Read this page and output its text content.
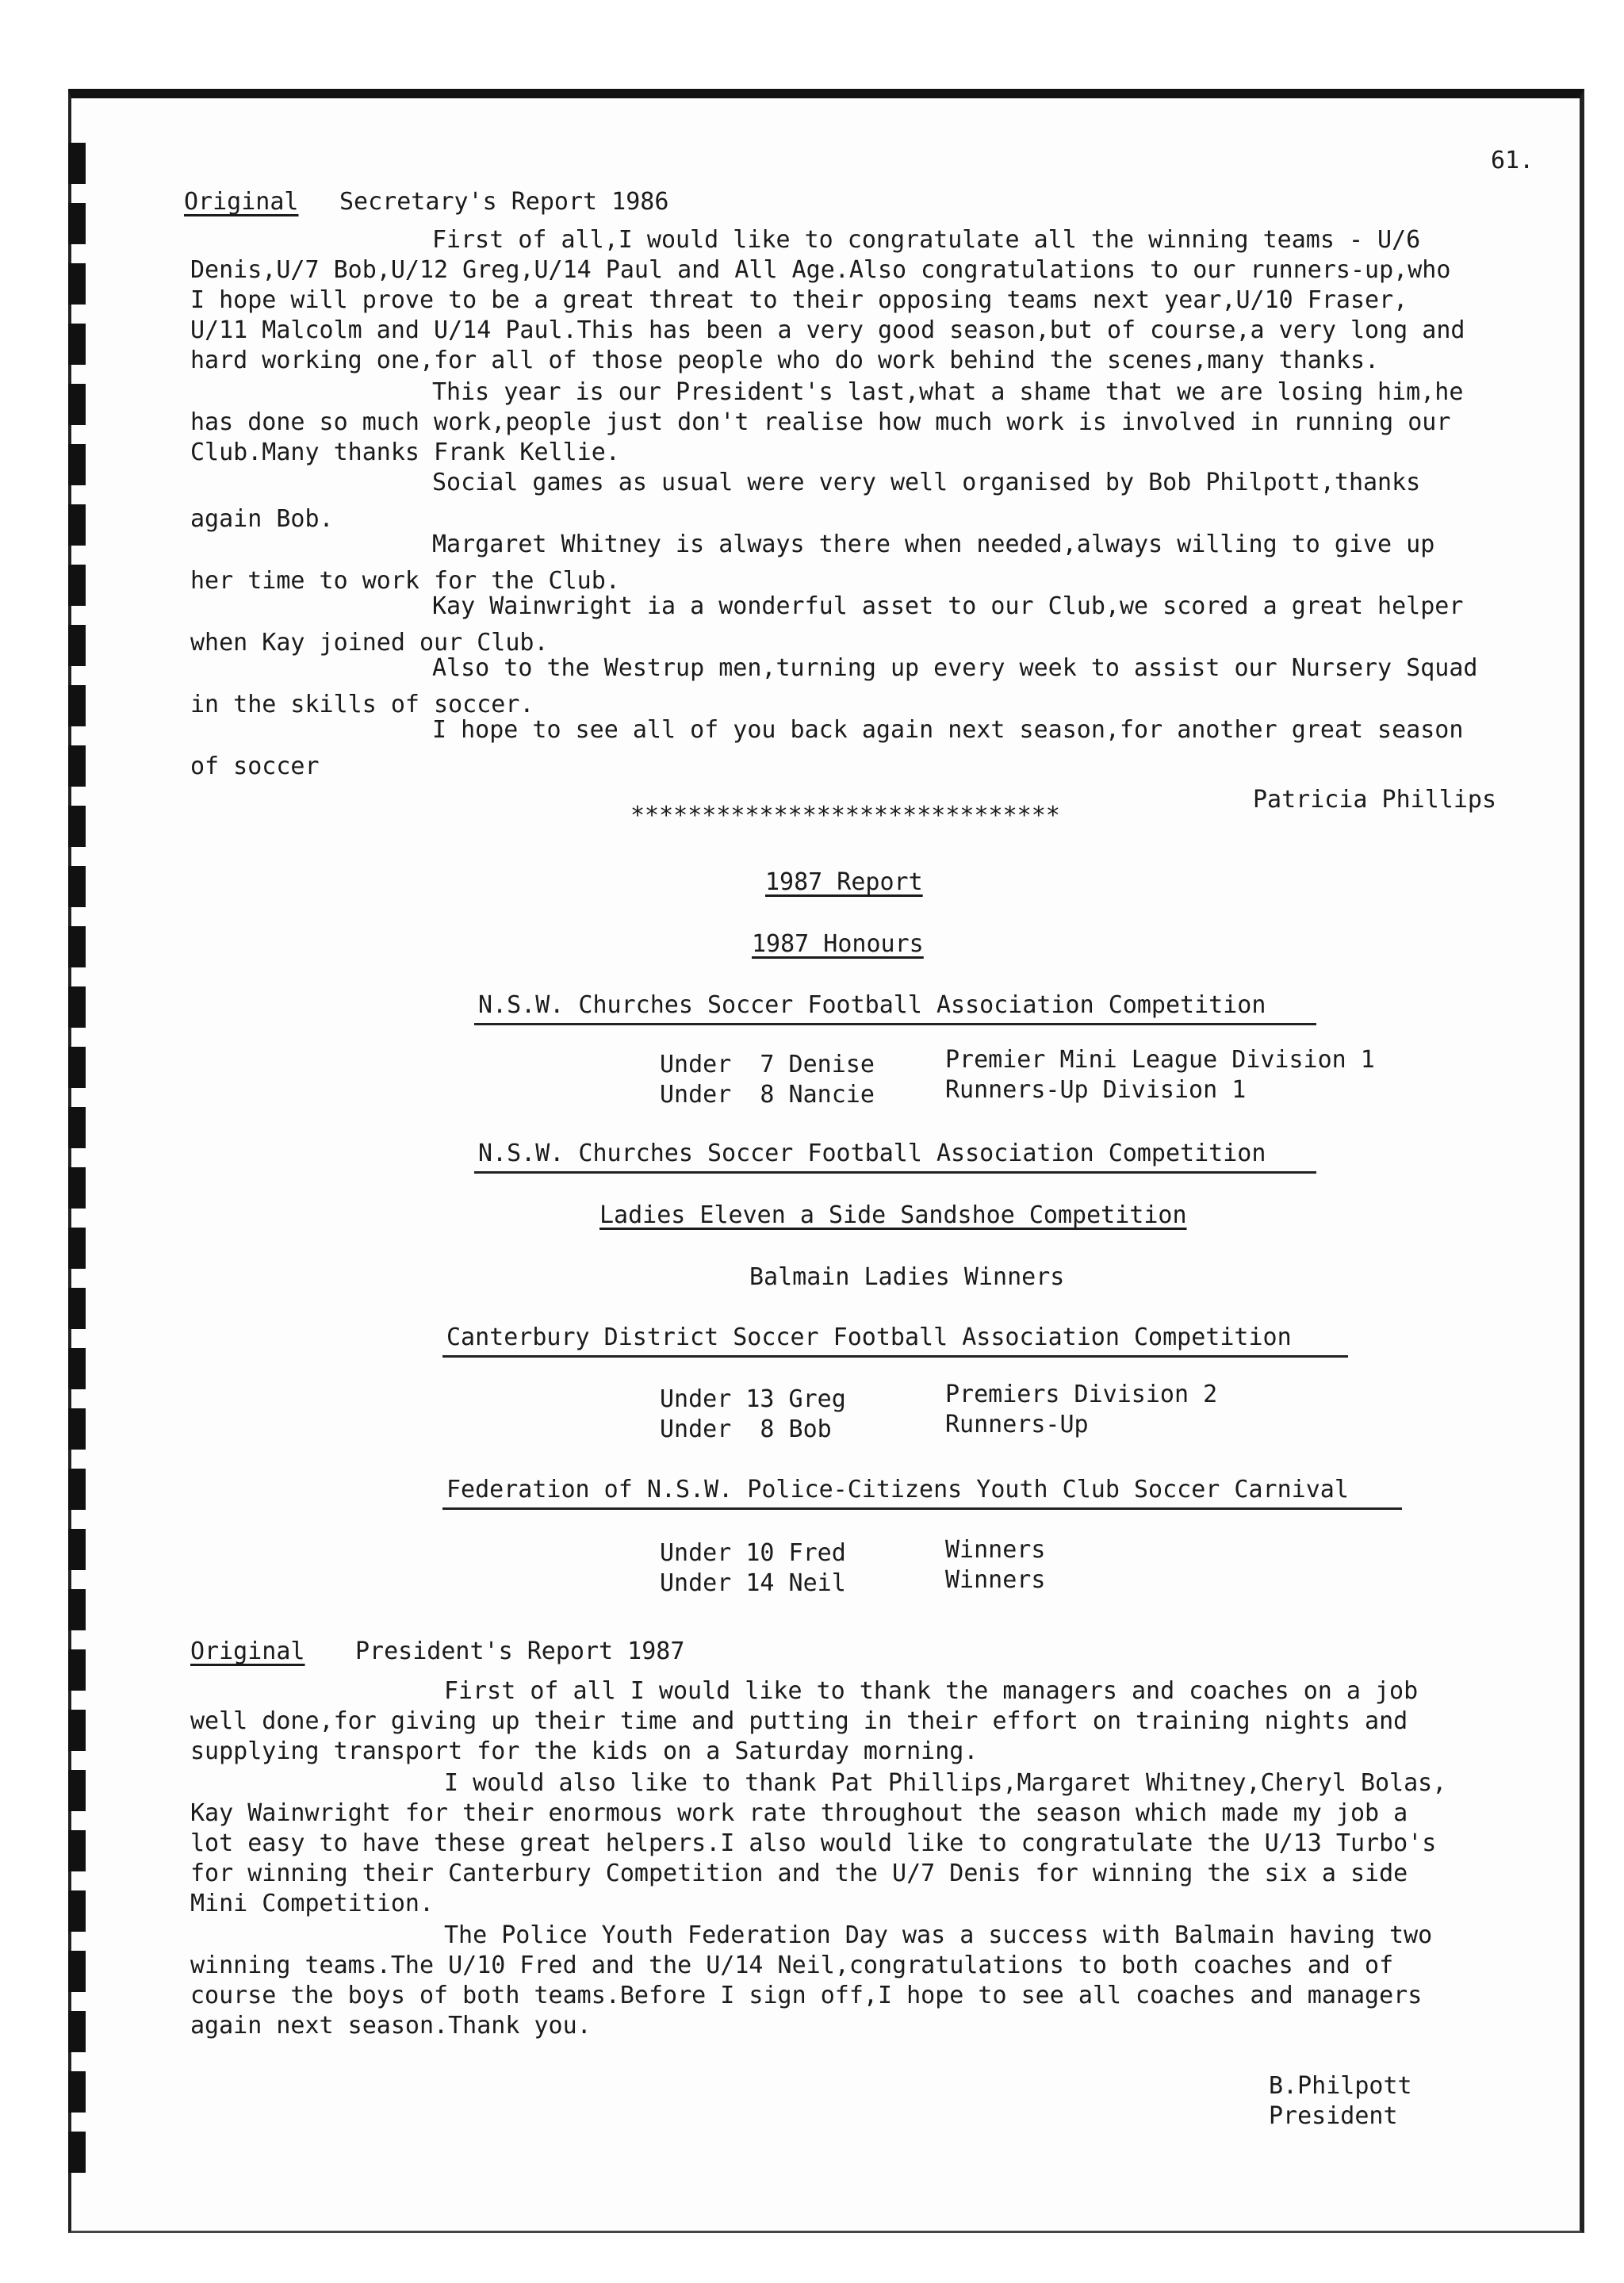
61.
Original Secretary's Report 1986
First of all,I would like to congratulate all the winning teams - U/6
Denis,U/7 Bob,U/12 Greg,U/14 Paul and All Age.Also congratulations to our runners-up,who
I hope will prove to be a great threat to their opposing teams next year,U/10 Fraser,
U/11 Malcolm and U/14 Paul.This has been a very good season,but of course,a very long and
hard working one,for all of those people who do work behind the scenes,many thanks.
This year is our President's last,what a shame that we are losing him,he
has done so much work,people just don't realise how much work is involved in running our
Club.Many thanks Frank Kellie.
Social games as usual were very well organised by Bob Philpott,thanks
again Bob.
Margaret Whitney is always there when needed,always willing to give up
her time to work for the Club.
Kay Wainwright ia a wonderful asset to our Club,we scored a great helper
when Kay joined our Club.
Also to the Westrup men,turning up every week to assist our Nursery Squad
in the skills of soccer.
I hope to see all of you back again next season,for another great season
of soccer
Patricia Phillips
******************************
1987 Report
1987 Honours
N.S.W. Churches Soccer Football Association Competition
Under  7 Denise	Premier Mini League Division 1
Under  8 Nancie	Runners-Up Division 1
N.S.W. Churches Soccer Football Association Competition
Ladies Eleven a Side Sandshoe Competition
Balmain Ladies Winners
Canterbury District Soccer Football Association Competition
Under 13 Greg	Premiers Division 2
Under  8 Bob	Runners-Up
Federation of N.S.W. Police-Citizens Youth Club Soccer Carnival
Under 10 Fred	Winners
Under 14 Neil	Winners
Original President's Report 1987
First of all I would like to thank the managers and coaches on a job
well done,for giving up their time and putting in their effort on training nights and
supplying transport for the kids on a Saturday morning.
I would also like to thank Pat Phillips,Margaret Whitney,Cheryl Bolas,
Kay Wainwright for their enormous work rate throughout the season which made my job a
lot easy to have these great helpers.I also would like to congratulate the U/13 Turbo's
for winning their Canterbury Competition and the U/7 Denis for winning the six a side
Mini Competition.
The Police Youth Federation Day was a success with Balmain having two
winning teams.The U/10 Fred and the U/14 Neil,congratulations to both coaches and of
course the boys of both teams.Before I sign off,I hope to see all coaches and managers
again next season.Thank you.
B.Philpott
President
